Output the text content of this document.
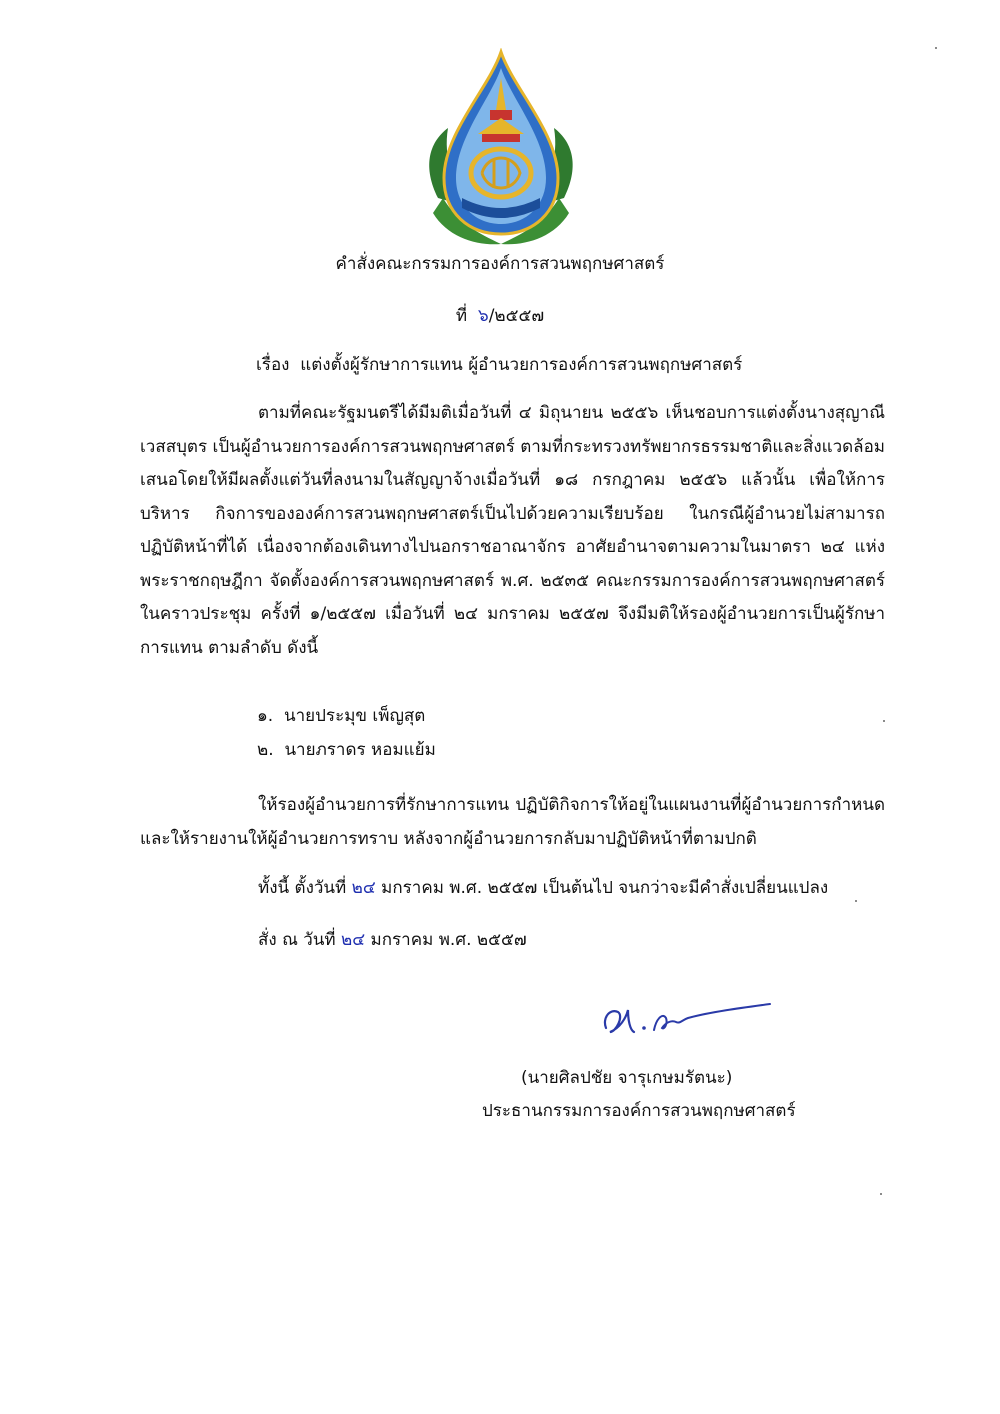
คำสั่งคณะกรรมการองค์การสวนพฤกษศาสตร์
ที่ ๖/๒๕๕๗
เรื่อง แต่งตั้งผู้รักษาการแทน ผู้อำนวยการองค์การสวนพฤกษศาสตร์
ตามที่คณะรัฐมนตรีได้มีมติเมื่อวันที่ ๔ มิถุนายน ๒๕๕๖ เห็นชอบการแต่งตั้งนางสุญาณี เวสสบุตร เป็นผู้อำนวยการองค์การสวนพฤกษศาสตร์ ตามที่กระทรวงทรัพยากรธรรมชาติและสิ่งแวดล้อม เสนอโดยให้มีผลตั้งแต่วันที่ลงนามในสัญญาจ้างเมื่อวันที่ ๑๘ กรกฎาคม ๒๕๕๖ แล้วนั้น เพื่อให้การบริหาร กิจการขององค์การสวนพฤกษศาสตร์เป็นไปด้วยความเรียบร้อย ในกรณีผู้อำนวยไม่สามารถปฏิบัติหน้าที่ได้ เนื่องจากต้องเดินทางไปนอกราชอาณาจักร อาศัยอำนาจตามความในมาตรา ๒๔ แห่งพระราชกฤษฎีกา จัดตั้งองค์การสวนพฤกษศาสตร์ พ.ศ. ๒๕๓๕ คณะกรรมการองค์การสวนพฤกษศาสตร์ ในคราวประชุม ครั้งที่ ๑/๒๕๕๗ เมื่อวันที่ ๒๔ มกราคม ๒๕๕๗ จึงมีมติให้รองผู้อำนวยการเป็นผู้รักษาการแทน ตามลำดับ ดังนี้
๑. นายประมุข เพ็ญสุต
๒. นายภราดร หอมแย้ม
ให้รองผู้อำนวยการที่รักษาการแทน ปฏิบัติกิจการให้อยู่ในแผนงานที่ผู้อำนวยการกำหนด และให้รายงานให้ผู้อำนวยการทราบ หลังจากผู้อำนวยการกลับมาปฏิบัติหน้าที่ตามปกติ
ทั้งนี้ ตั้งวันที่ ๒๔ มกราคม พ.ศ. ๒๕๕๗ เป็นต้นไป จนกว่าจะมีคำสั่งเปลี่ยนแปลง
สั่ง ณ วันที่ ๒๔ มกราคม พ.ศ. ๒๕๕๗
(นายศิลปชัย จารุเกษมรัตนะ)
ประธานกรรมการองค์การสวนพฤกษศาสตร์
